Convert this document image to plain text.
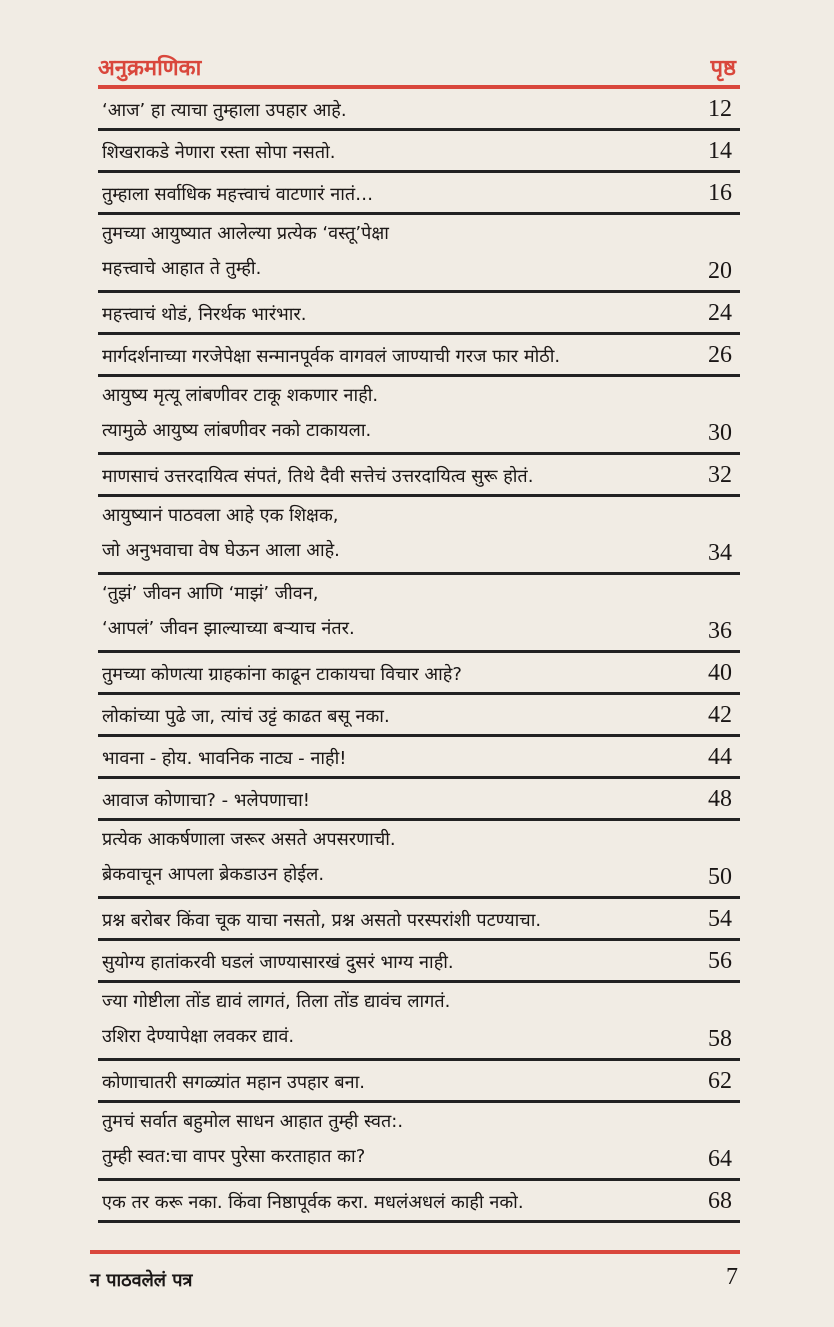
अनुक्रमणिका	पृष्ठ
‘आज’ हा त्याचा तुम्हाला उपहार आहे.	12
शिखराकडे नेणारा रस्ता सोपा नसतो.	14
तुम्हाला सर्वाधिक महत्त्वाचं वाटणारं नातं…	16
तुमच्या आयुष्यात आलेल्या प्रत्येक ‘वस्तू’पेक्षा
महत्त्वाचे आहात ते तुम्ही.	20
महत्त्वाचं थोडं, निरर्थक भारंभार.	24
मार्गदर्शनाच्या गरजेपेक्षा सन्मानपूर्वक वागवलं जाण्याची गरज फार मोठी.	26
आयुष्य मृत्यू लांबणीवर टाकू शकणार नाही.
त्यामुळे आयुष्य लांबणीवर नको टाकायला.	30
माणसाचं उत्तरदायित्व संपतं, तिथे दैवी सत्तेचं उत्तरदायित्व सुरू होतं.	32
आयुष्यानं पाठवला आहे एक शिक्षक,
जो अनुभवाचा वेष घेऊन आला आहे.	34
‘तुझं’ जीवन आणि ‘माझं’ जीवन,
‘आपलं’ जीवन झाल्याच्या बऱ्याच नंतर.	36
तुमच्या कोणत्या ग्राहकांना काढून टाकायचा विचार आहे?	40
लोकांच्या पुढे जा, त्यांचं उट्टं काढत बसू नका.	42
भावना - होय. भावनिक नाट्य - नाही!	44
आवाज कोणाचा? - भलेपणाचा!	48
प्रत्येक आकर्षणाला जरूर असते अपसरणाची.
ब्रेकवाचून आपला ब्रेकडाउन होईल.	50
प्रश्न बरोबर किंवा चूक याचा नसतो, प्रश्न असतो परस्परांशी पटण्याचा.	54
सुयोग्य हातांकरवी घडलं जाण्यासारखं दुसरं भाग्य नाही.	56
ज्या गोष्टीला तोंड द्यावं लागतं, तिला तोंड द्यावंच लागतं.
उशिरा देण्यापेक्षा लवकर द्यावं.	58
कोणाचातरी सगळ्यांत महान उपहार बना.	62
तुमचं सर्वात बहुमोल साधन आहात तुम्ही स्वत:.
तुम्ही स्वत:चा वापर पुरेसा करताहात का?	64
एक तर करू नका. किंवा निष्ठापूर्वक करा. मधलंअधलं काही नको.	68
न पाठवलेलं पत्र	7
